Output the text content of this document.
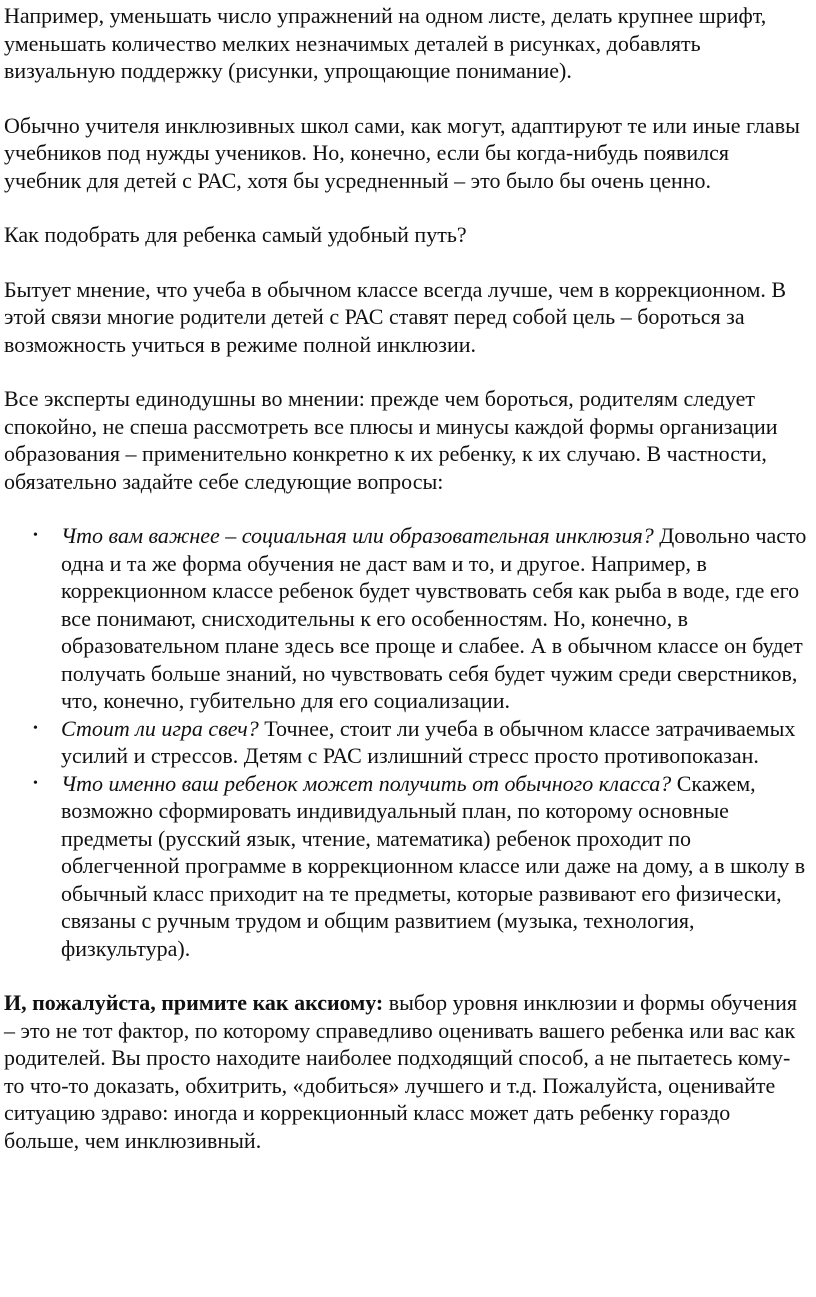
Например, уменьшать число упражнений на одном листе, делать крупнее шрифт, уменьшать количество мелких незначимых деталей в рисунках, добавлять визуальную поддержку (рисунки, упрощающие понимание).

Обычно учителя инклюзивных школ сами, как могут, адаптируют те или иные главы учебников под нужды учеников. Но, конечно, если бы когда-нибудь появился учебник для детей с РАС, хотя бы усредненный – это было бы очень ценно.

Как подобрать для ребенка самый удобный путь?

Бытует мнение, что учеба в обычном классе всегда лучше, чем в коррекционном. В этой связи многие родители детей с РАС ставят перед собой цель – бороться за возможность учиться в режиме полной инклюзии.

Все эксперты единодушны во мнении: прежде чем бороться, родителям следует спокойно, не спеша рассмотреть все плюсы и минусы каждой формы организации образования – применительно конкретно к их ребенку, к их случаю. В частности, обязательно задайте себе следующие вопросы:

• Что вам важнее – социальная или образовательная инклюзия? Довольно часто одна и та же форма обучения не даст вам и то, и другое. Например, в коррекционном классе ребенок будет чувствовать себя как рыба в воде, где его все понимают, снисходительны к его особенностям. Но, конечно, в образовательном плане здесь все проще и слабее. А в обычном классе он будет получать больше знаний, но чувствовать себя будет чужим среди сверстников, что, конечно, губительно для его социализации.
• Стоит ли игра свеч? Точнее, стоит ли учеба в обычном классе затрачиваемых усилий и стрессов. Детям с РАС излишний стресс просто противопоказан.
• Что именно ваш ребенок может получить от обычного класса? Скажем, возможно сформировать индивидуальный план, по которому основные предметы (русский язык, чтение, математика) ребенок проходит по облегченной программе в коррекционном классе или даже на дому, а в школу в обычный класс приходит на те предметы, которые развивают его физически, связаны с ручным трудом и общим развитием (музыка, технология, физкультура).

И, пожалуйста, примите как аксиому: выбор уровня инклюзии и формы обучения – это не тот фактор, по которому справедливо оценивать вашего ребенка или вас как родителей. Вы просто находите наиболее подходящий способ, а не пытаетесь кому-то что-то доказать, обхитрить, «добиться» лучшего и т.д. Пожалуйста, оценивайте ситуацию здраво: иногда и коррекционный класс может дать ребенку гораздо больше, чем инклюзивный.
